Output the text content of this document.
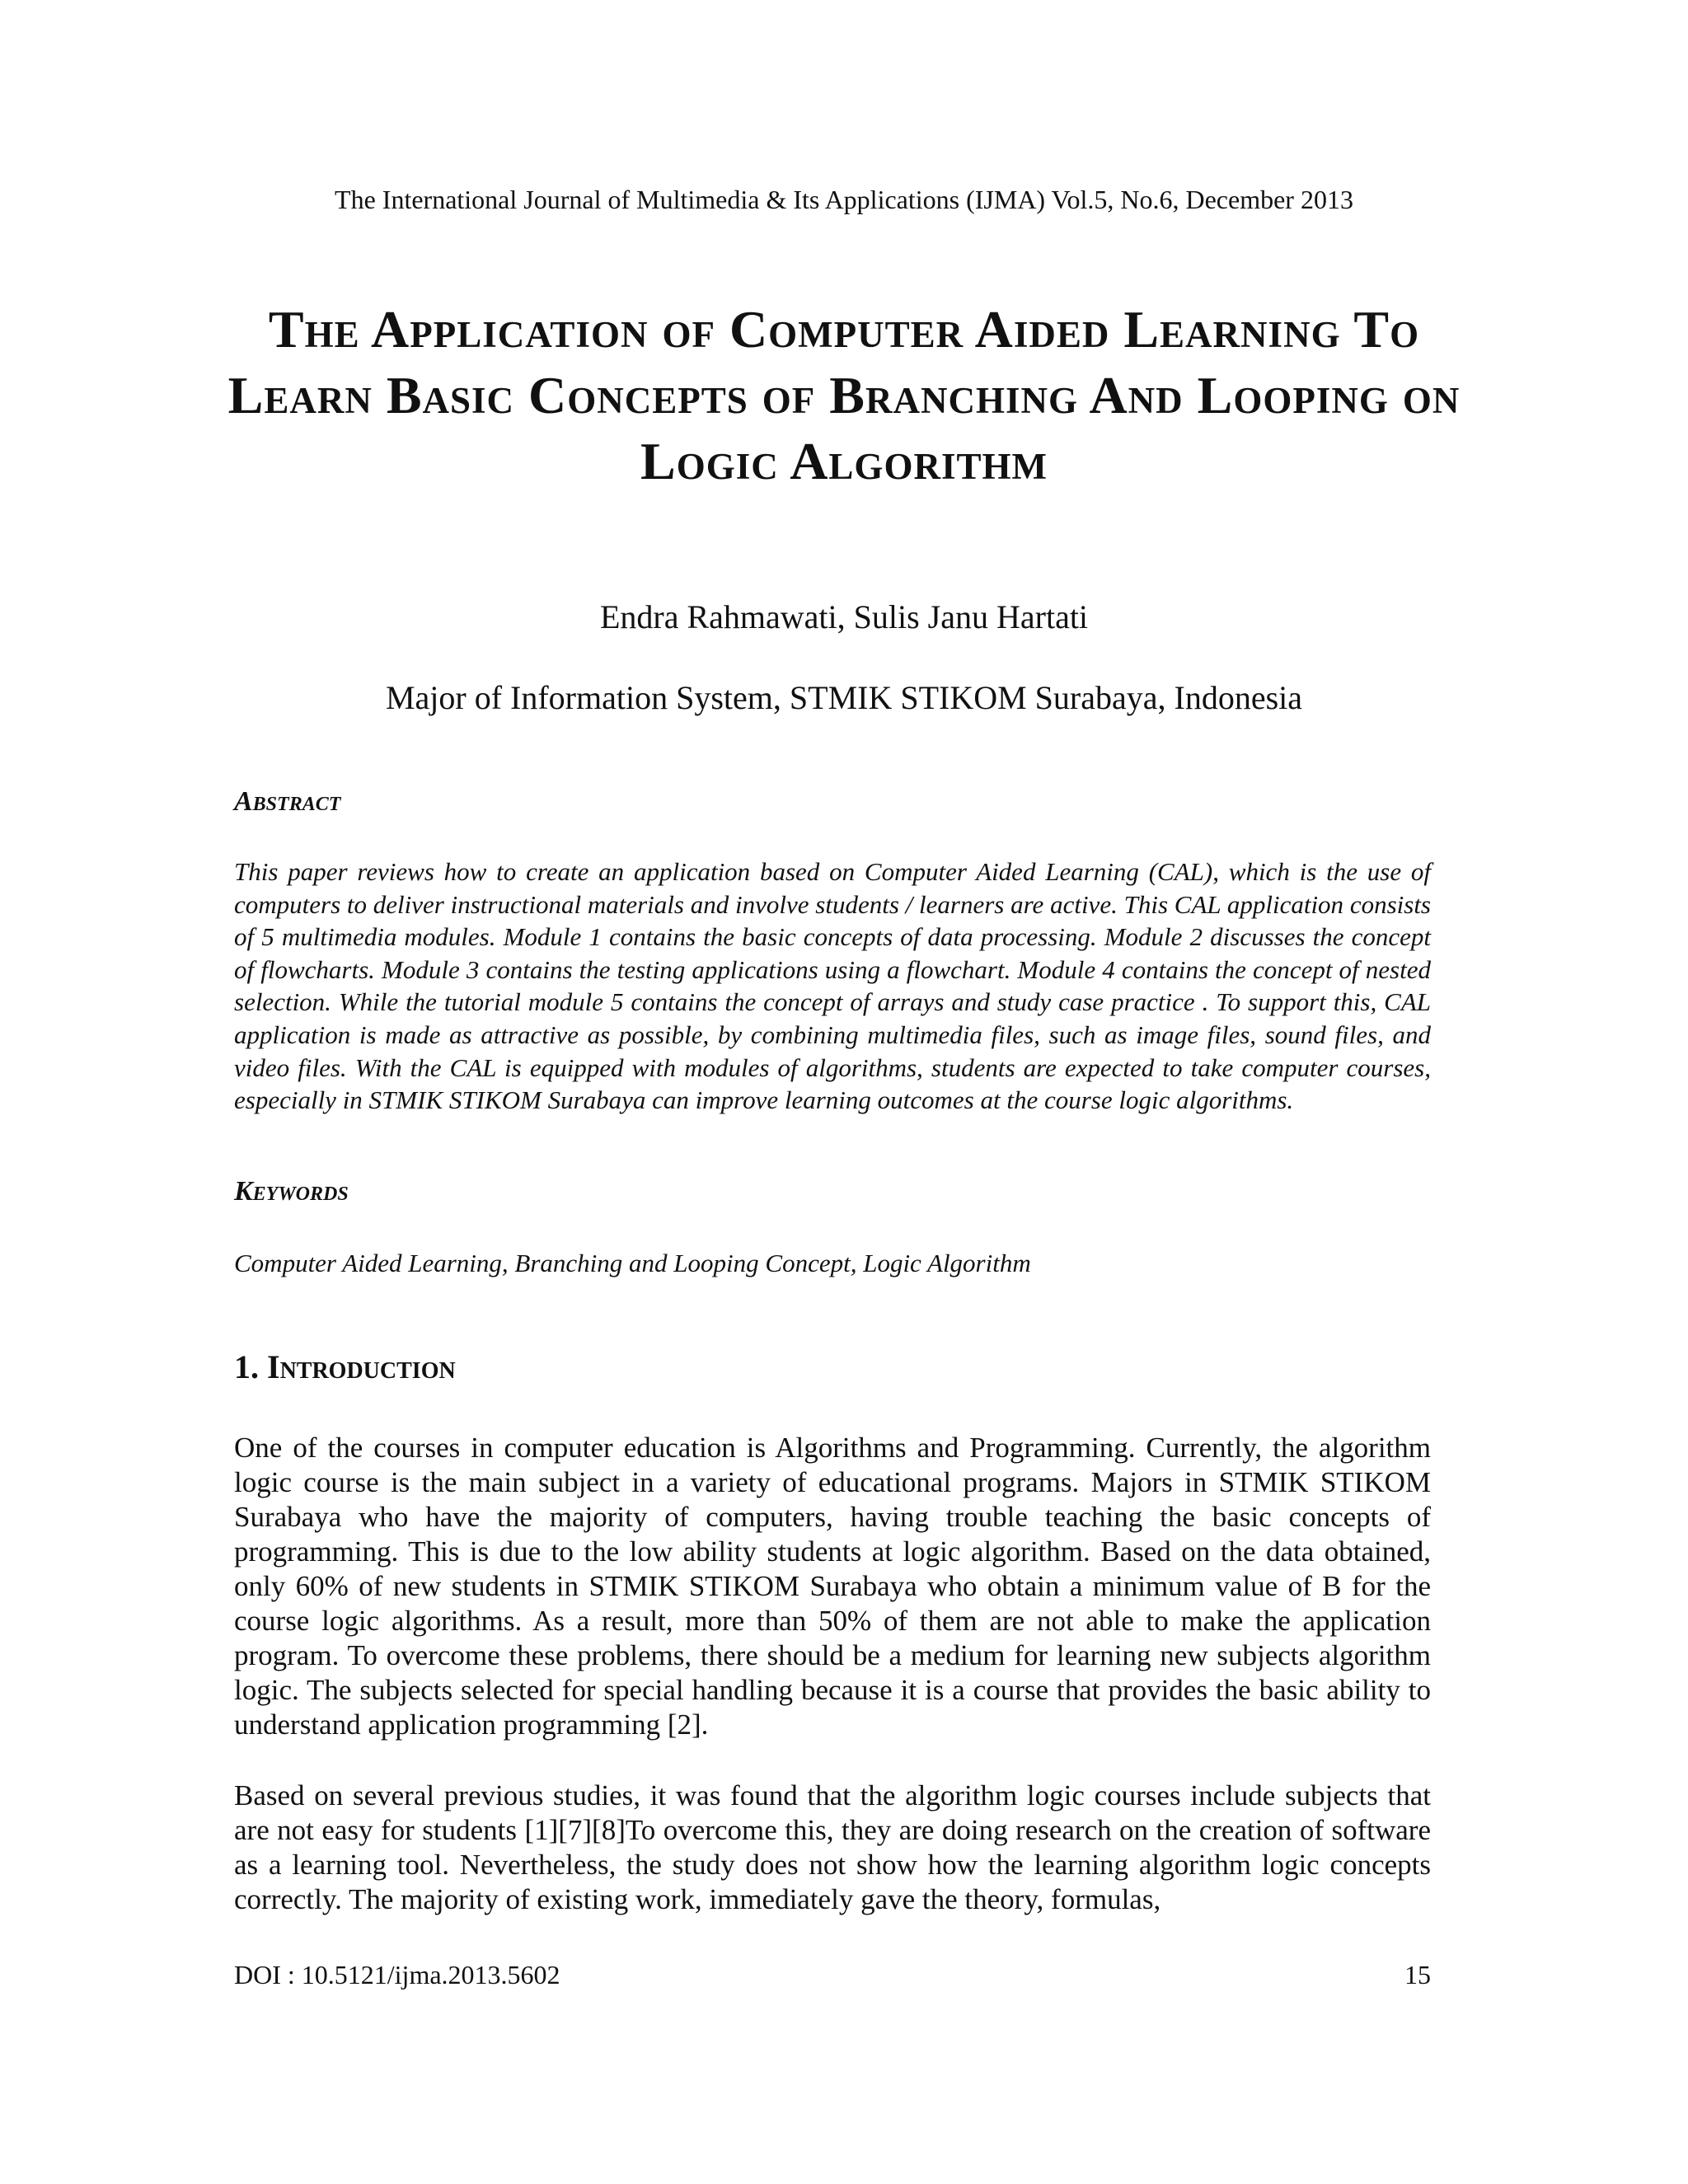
The International Journal of Multimedia & Its Applications (IJMA) Vol.5, No.6, December 2013
The Application of Computer Aided Learning To Learn Basic Concepts of Branching And Looping on Logic Algorithm
Endra Rahmawati, Sulis Janu Hartati
Major of Information System, STMIK STIKOM Surabaya, Indonesia
Abstract

This paper reviews how to create an application based on Computer Aided Learning (CAL), which is the use of computers to deliver instructional materials and involve students / learners are active. This CAL application consists of 5 multimedia modules. Module 1 contains the basic concepts of data processing. Module 2 discusses the concept of flowcharts. Module 3 contains the testing applications using a flowchart. Module 4 contains the concept of nested selection. While the tutorial module 5 contains the concept of arrays and study case practice . To support this, CAL application is made as attractive as possible, by combining multimedia files, such as image files, sound files, and video files. With the CAL is equipped with modules of algorithms, students are expected to take computer courses, especially in STMIK STIKOM Surabaya can improve learning outcomes at the course logic algorithms.

Keywords

Computer Aided Learning, Branching and Looping Concept, Logic Algorithm

1. Introduction

One of the courses in computer education is Algorithms and Programming. Currently, the algorithm logic course is the main subject in a variety of educational programs. Majors in STMIK STIKOM Surabaya who have the majority of computers, having trouble teaching the basic concepts of programming. This is due to the low ability students at logic algorithm. Based on the data obtained, only 60% of new students in STMIK STIKOM Surabaya who obtain a minimum value of B for the course logic algorithms. As a result, more than 50% of them are not able to make the application program. To overcome these problems, there should be a medium for learning new subjects algorithm logic. The subjects selected for special handling because it is a course that provides the basic ability to understand application programming [2].

Based on several previous studies, it was found that the algorithm logic courses include subjects that are not easy for students [1][7][8]To overcome this, they are doing research on the creation of software as a learning tool. Nevertheless, the study does not show how the learning algorithm logic concepts correctly. The majority of existing work, immediately gave the theory, formulas,

DOI : 10.5121/ijma.2013.5602	15
